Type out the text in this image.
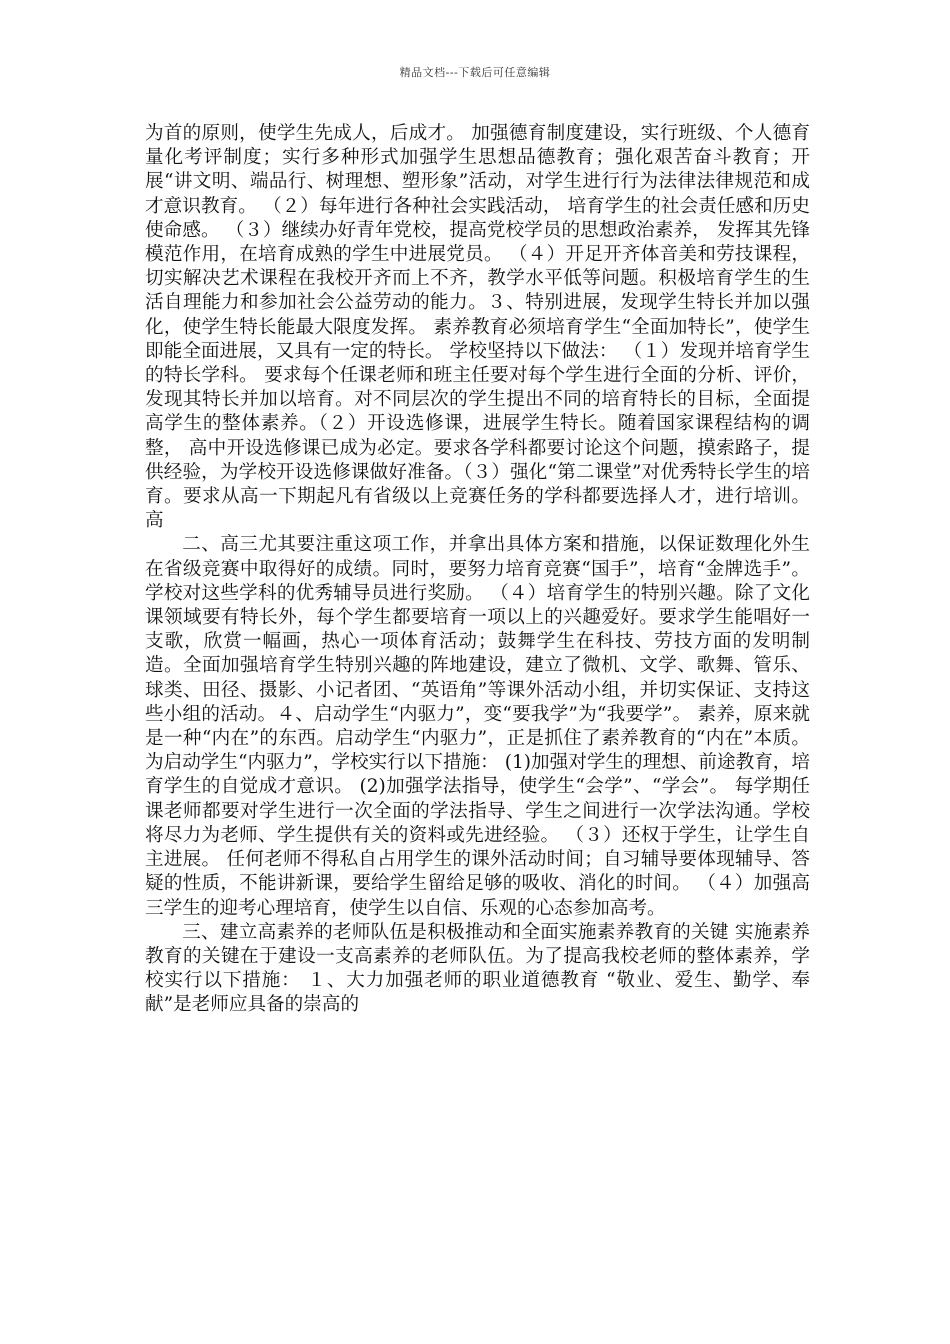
精品文档---下载后可任意编辑

为首的原则，使学生先成人，后成才。 加强德育制度建设，实行班级、个人德育量化考评制度；实行多种形式加强学生思想品德教育；强化艰苦奋斗教育；开展“讲文明、端品行、树理想、塑形象”活动，对学生进行行为法律法律规范和成才意识教育。 （２）每年进行各种社会实践活动， 培育学生的社会责任感和历史使命感。 （３）继续办好青年党校，提高党校学员的思想政治素养， 发挥其先锋模范作用，在培育成熟的学生中进展党员。 （４）开足开齐体音美和劳技课程， 切实解决艺术课程在我校开齐而上不齐，教学水平低等问题。积极培育学生的生活自理能力和参加社会公益劳动的能力。３、特别进展，发现学生特长并加以强化，使学生特长能最大限度发挥。 素养教育必须培育学生“全面加特长”，使学生即能全面进展，又具有一定的特长。 学校坚持以下做法： （１）发现并培育学生的特长学科。 要求每个任课老师和班主任要对每个学生进行全面的分析、评价，发现其特长并加以培育。对不同层次的学生提出不同的培育特长的目标，全面提高学生的整体素养。（２）开设选修课，进展学生特长。随着国家课程结构的调整， 高中开设选修课已成为必定。要求各学科都要讨论这个问题，摸索路子，提供经验，为学校开设选修课做好准备。（３）强化“第二课堂”对优秀特长学生的培育。要求从高一下期起凡有省级以上竞赛任务的学科都要选择人才，进行培训。高

二、高三尤其要注重这项工作，并拿出具体方案和措施，以保证数理化外生在省级竞赛中取得好的成绩。同时，要努力培育竞赛“国手”，培育“金牌选手”。学校对这些学科的优秀辅导员进行奖励。 （４）培育学生的特别兴趣。除了文化课领域要有特长外，每个学生都要培育一项以上的兴趣爱好。要求学生能唱好一支歌，欣赏一幅画，热心一项体育活动；鼓舞学生在科技、劳技方面的发明制造。全面加强培育学生特别兴趣的阵地建设，建立了微机、文学、歌舞、管乐、球类、田径、摄影、小记者团、“英语角”等课外活动小组，并切实保证、支持这些小组的活动。４、启动学生“内驱力”，变“要我学”为“我要学”。 素养，原来就是一种“内在”的东西。启动学生“内驱力”，正是抓住了素养教育的“内在”本质。 为启动学生“内驱力”，学校实行以下措施： (1)加强对学生的理想、前途教育，培育学生的自觉成才意识。 (2)加强学法指导，使学生“会学”、“学会”。 每学期任课老师都要对学生进行一次全面的学法指导、学生之间进行一次学法沟通。学校将尽力为老师、学生提供有关的资料或先进经验。 （３）还权于学生，让学生自主进展。 任何老师不得私自占用学生的课外活动时间；自习辅导要体现辅导、答疑的性质，不能讲新课，要给学生留给足够的吸收、消化的时间。 （４）加强高三学生的迎考心理培育，使学生以自信、乐观的心态参加高考。

三、建立高素养的老师队伍是积极推动和全面实施素养教育的关键 实施素养教育的关键在于建设一支高素养的老师队伍。为了提高我校老师的整体素养，学校实行以下措施： １、大力加强老师的职业道德教育 “敬业、爱生、勤学、奉献”是老师应具备的崇高的
